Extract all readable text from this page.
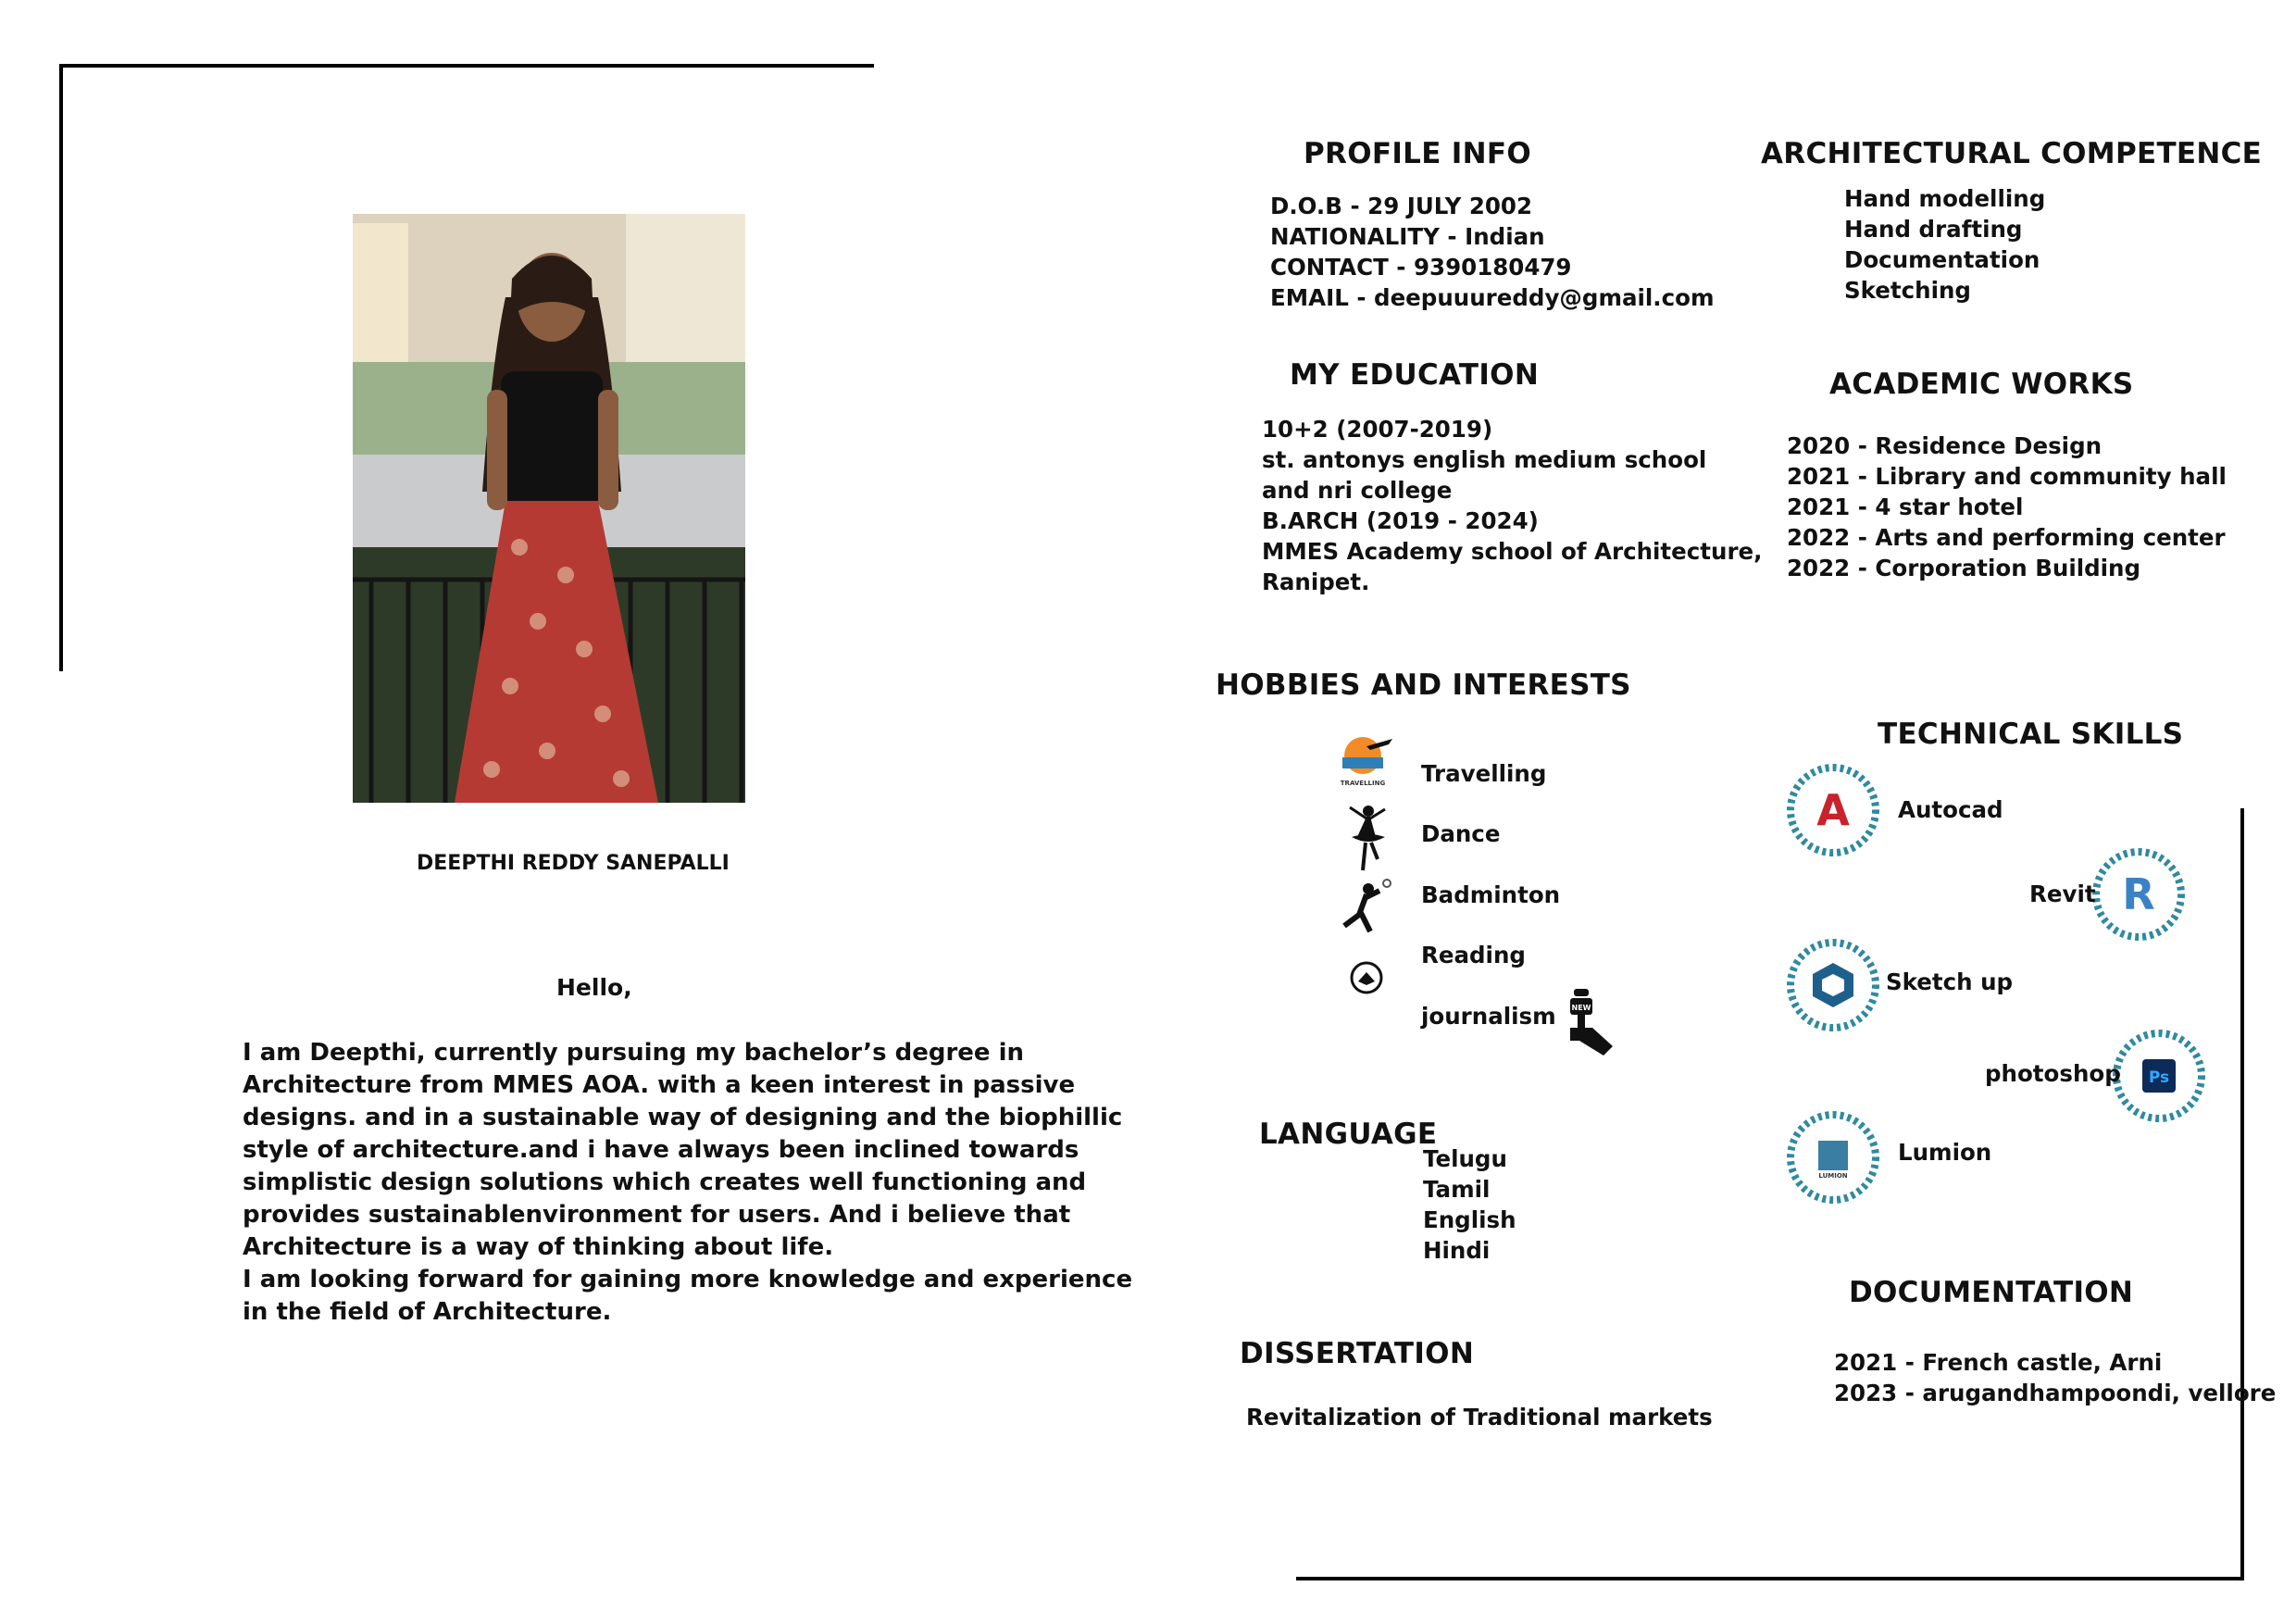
DEEPTHI REDDY SANEPALLI
Hello,
I am Deepthi, currently pursuing my bachelor’s degree in
Architecture from MMES AOA. with a keen interest in passive
designs. and in a sustainable way of designing and the biophillic
style of architecture.and i have always been inclined towards
simplistic design solutions which creates well functioning and
provides sustainablenvironment for users. And i believe that
Architecture is a way of thinking about life.
I am looking forward for gaining more knowledge and experience
in the field of Architecture.
PROFILE INFO
D.O.B - 29 JULY 2002
NATIONALITY - Indian
CONTACT - 9390180479
EMAIL - deepuuureddy@gmail.com
MY EDUCATION
10+2 (2007-2019)
st. antonys english medium school
and nri college
B.ARCH (2019 - 2024)
MMES Academy school of Architecture,
Ranipet.
HOBBIES AND INTERESTS
TRAVELLING
NEW
Travelling
Dance
Badminton
Reading
journalism
LANGUAGE
Telugu
Tamil
English
Hindi
DISSERTATION
Revitalization of Traditional markets
ARCHITECTURAL COMPETENCE
Hand modelling
Hand drafting
Documentation
Sketching
ACADEMIC WORKS
2020 - Residence Design
2021 - Library and community hall
2021 - 4 star hotel
2022 - Arts and performing center
2022 - Corporation Building
TECHNICAL SKILLS
A Autocad
R
Revit
Sketch up
Ps
photoshop
LUMION
Lumion
DOCUMENTATION
2021 - French castle, Arni
2023 - arugandhampoondi, vellore
